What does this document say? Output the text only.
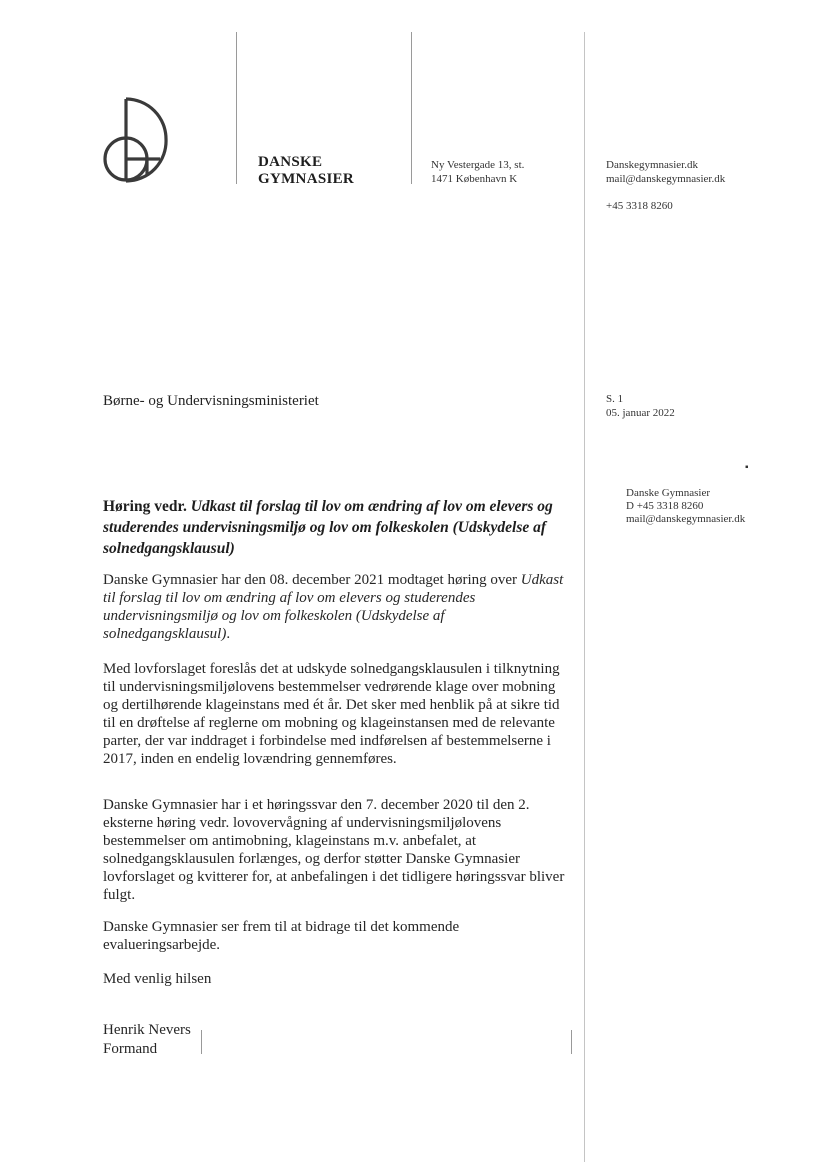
DANSKE
GYMNASIER
Ny Vestergade 13, st.
1471 København K
Danskegymnasier.dk
mail@danskegymnasier.dk
+45 3318 8260
Børne- og Undervisningsministeriet	S. 1
05. januar 2022
▪
Danske Gymnasier
D +45 3318 8260
mail@danskegymnasier.dk
Høring vedr. Udkast til forslag til lov om ændring af lov om elevers og studerendes undervisningsmiljø og lov om folkeskolen (Udskydelse af solnedgangsklausul)

Danske Gymnasier har den 08. december 2021 modtaget høring over Udkast til forslag til lov om ændring af lov om elevers og studerendes undervisningsmiljø og lov om folkeskolen (Udskydelse af solnedgangsklausul).

Med lovforslaget foreslås det at udskyde solnedgangsklausulen i tilknytning til undervisningsmiljølovens bestemmelser vedrørende klage over mobning og dertilhørende klageinstans med ét år. Det sker med henblik på at sikre tid til en drøftelse af reglerne om mobning og klageinstansen med de relevante parter, der var inddraget i forbindelse med indførelsen af bestemmelserne i 2017, inden en endelig lovændring gennemføres.

Danske Gymnasier har i et høringssvar den 7. december 2020 til den 2. eksterne høring vedr. lovovervågning af undervisningsmiljølovens bestemmelser om antimobning, klageinstans m.v. anbefalet, at solnedgangsklausulen forlænges, og derfor støtter Danske Gymnasier lovforslaget og kvitterer for, at anbefalingen i det tidligere høringssvar bliver fulgt.

Danske Gymnasier ser frem til at bidrage til det kommende evalueringsarbejde.

Med venlig hilsen

Henrik Nevers
Formand
